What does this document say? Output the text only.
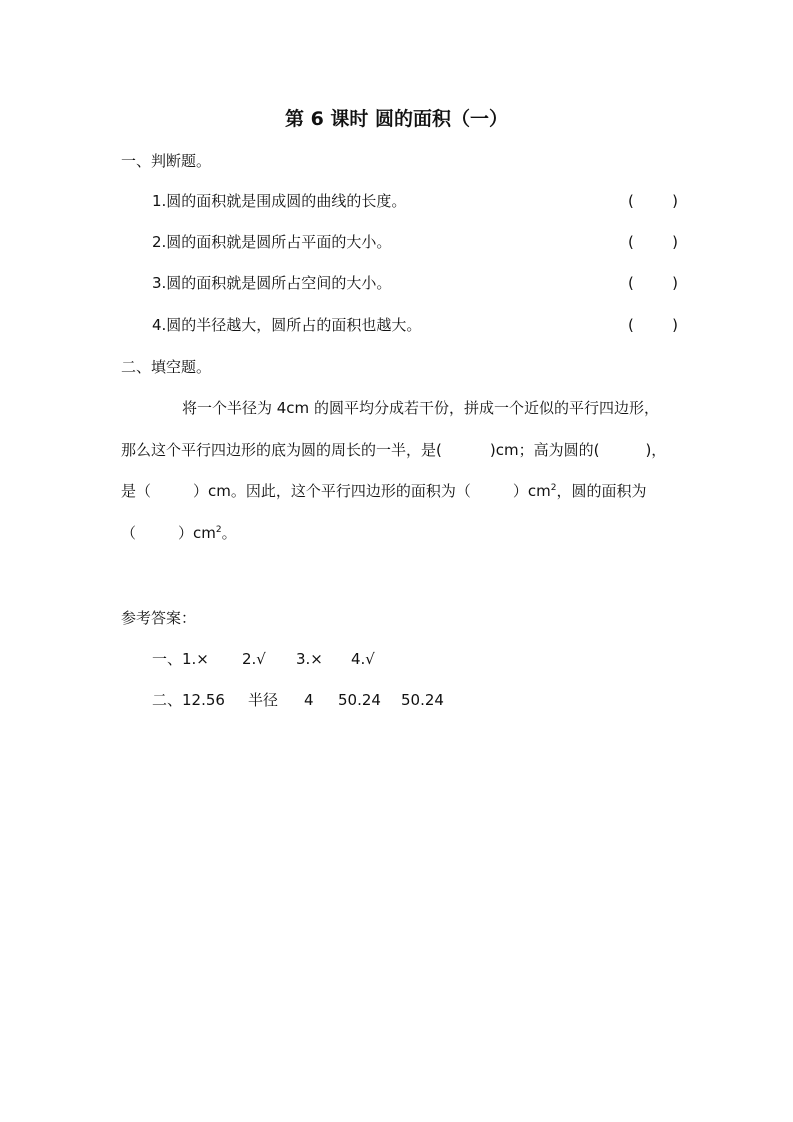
第 6 课时 圆的面积（一）
一、判断题。
1.圆的面积就是围成圆的曲线的长度。	(	)
2.圆的面积就是圆所占平面的大小。	(	)
3.圆的面积就是圆所占空间的大小。	(	)
4.圆的半径越大，圆所占的面积也越大。	(	)
二、填空题。
将一个半径为 4cm 的圆平均分成若干份，拼成一个近似的平行四边形，
那么这个平行四边形的底为圆的周长的一半，是(	)cm；高为圆的(	)，
是（	）cm。因此，这个平行四边形的面积为（	）$cm^2$，圆的面积为
（	）$cm^2$。
参考答案：
一、1.× 2.√ 3.× 4.√
二、12.56 半径 4 50.24 50.24
